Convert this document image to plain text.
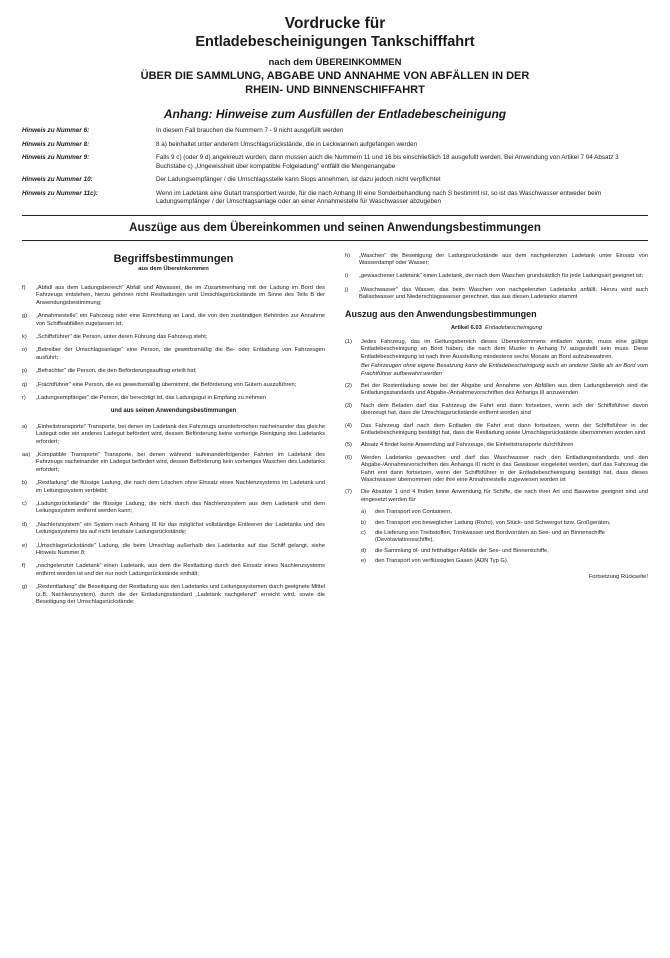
Vordrucke für
Entladebescheinigungen Tankschifffahrt
nach dem ÜBEREINKOMMEN
ÜBER DIE SAMMLUNG, ABGABE UND ANNAHME VON ABFÄLLEN IN DER
RHEIN- UND BINNENSCHIFFAHRT
Anhang: Hinweise zum Ausfüllen der Entladebescheinigung
Hinweis zu Nummer 6:	In diesem Fall brauchen die Nummern 7 - 9 nicht ausgefüllt werden
Hinweis zu Nummer 8:	8 a) beinhaltet unter anderem Umschlagsrückstände, die in Leckwannen aufgefangen werden
Hinweis zu Nummer 9:	Falls 9 c) (oder 9 d) angekreuzt wurden, dann mussen auch die Nummern 11 und 16 bis einschließlich 18 ausgefullt werden. Bei Anwendung von Artikel 7 04 Absatz 3 Buchstabe c) „Ungewissheit über kompatible Folgeladung" entfällt die Mengenangabe
Hinweis zu Nummer 10:	Der Ladungsempfänger / die Umschlagsstelle kann Slops annehmen, ist dazu jedoch nicht verpflichtet
Hinweis zu Nummer 11c):	Wenn im Ladetank eine Gutart transportiert wurde, für die nach Anhang III eine Sonderbehandlung nach S bestimmt ist, so ist das Waschwasser entweder beim Ladungsempfänger / der Umschlagsanlage oder an einer Annahmestelle für Waschwasser abzugeben
Auszüge aus dem Übereinkommen und seinen Anwendungsbestimmungen
Begriffsbestimmungen
aus dem Übereinkommen
f)	„Abfall aus dem Ladungsbereich" Abfall und Abwasser, die im Zusammenhang mit der Ladung im Bord des Fahrzeugs entstehen, hierzu gehören nicht Restladungen und Umschlagsrückstände im Sinne des Teils B der Anwendungsbestimmung;
g)	„Annahmestelle" ein Fahrzeug oder eine Einrichtung an Land, die von den zuständigen Behörden zur Annahme von Schiffsabfällen zugelassen ist;
k)	„Schiffsführer" die Person, unter deren Führung das Fahrzeug steht;
o)	„Betreiber der Umschlagsanlage" eine Person, die gewerbsmäßig die Be- oder Entladung von Fahrzeugen ausführt;
p)	„Befrachter" die Person, die den Beförderungsauftrag erteilt hat;
q)	„Frachtführer" eine Person, die es gewerbsmäßig übernimmt, die Beförderung von Gütern auszuführen;
r)	„Ladungsempfänger" die Person, die berechtigt ist, das Ladungsgut in Empfang zu nehmen
und aus seinen Anwendungsbestimmungen
a)	„Einheitstransporte" Transporte, bei denen im Ladetank des Fahrzeugs ununterbrochen nacheinander das gleiche Ladegut oder ein anderes Ladegut befördert wird, dessen Beförderung keine vorherige Reinigung des Ladetanks erfordert;
aa)	„Kompatible Transporte" Transporte, bei denen während aufeinanderfolgender Fahrten im Ladetank des Fahrzeugs nacheinander ein Ladegut befördert wird, dessen Beförderung kein vorheriges Waschen des Ladetanks erfordert;
b)	„Restladung" die flüssige Ladung, die nach dem Löschen ohne Einsatz eines Nachlenzsystems im Ladetank und im Leitungssystem verbleibt;
c)	„Ladungsrückstände" die flüssige Ladung, die nicht durch das Nachlenzsystem aus dem Ladetank und dem Leitungssystem entfernt werden kann;
d)	„Nachlenzsystem" ein System nach Anhang III für das möglichst vollständige Entleeren der Ladetanks und des Leitungssystems bis auf nicht lenzbare Ladungsrückstände;
e)	„Umschlagsrückstände" Ladung, die beim Umschlag außerhalb des Ladetanks auf das Schiff gelangt, siehe Hinweis Nummer 8;
f)	„nachgelenzter Ladetank" einen Ladetank, aus dem die Restladung durch den Einsatz eines Nachlenzsystems entfernt worden ist und der nur noch Ladungsrückstände enthält;
g)	„Restentladung" die Beseitigung der Restladung aus den Ladetanks und Leitungssystemen durch geeignete Mittel (z.B. Nachlenzsystem), durch die der Entladungsstandard „Ladetank nachgelenzt" erreicht wird, sowie die Beseitigung der Umschlagsrückstände;
h)	„Waschen" die Beseitigung der Ladungsrückstände aus dem nachgelenzten Ladetank unter Einsatz von Wasserdampf oder Wasser;
i)	„gewaschener Ladetank" einen Ladetank, der nach dem Waschen grundsätzlich für jede Ladungsart geeignet ist;
j)	„Waschwasser" das Wasser, das beim Waschen von nachgelenzten Ladetanks anfällt. Hierzu wird auch Ballastwasser und Niederschlagswasser gerechnet, das aus diesen Ladetanks stammt
Auszug aus den Anwendungsbestimmungen
Artikel 6.03 Entladebescheinigung
(1)	Jedes Fahrzeug, das im Geltungsbereich dieses Übereinkommens entladen wurde, muss eine gültige Entladebescheinigung an Bord haben, die nach dem Muster in Anhang IV ausgestellt sein muss. Diese Entladebescheinigung ist nach ihrer Ausstellung mindestens sechs Monate an Bord aufzubewahren.
Bei Fahrzeugen ohne eigene Besatzung kann die Entladebescheinigung auch an anderer Stelle als an Bord vom Frachtführer aufbewahrt werden
(2)	Bei der Restentladung sowie bei der Abgabe und Annahme von Abfällen aus dem Ladungsbereich sind die Entladungsstandards und Abgabe-/Annahmevorschriften des Anhangs III anzuwenden
(3)	Nach dem Beladen darf das Fahrzeug die Fahrt erst dann fortsetzen, wenn sich der Schiffsführer davon überzeugt hat, dass die Umschlagsrückstände entfernt worden sind
(4)	Das Fahrzeug darf nach dem Entladen die Fahrt erst dann fortsetzen, wenn der Schiffsführer in der Entladebescheinigung bestätigt hat, dass die Restladung sowie Umschlagsrückstände übernommen worden sind
(5)	Absatz 4 findet keine Anwendung auf Fahrzeuge, die Einheitstransporte durchführen
(6)	Werden Ladetanks gewaschen und darf das Waschwasser nach den Entladungsstandards und den Abgabe-/Annahmevorschriften des Anhangs III nicht in das Gewässer eingeleitet werden, darf das Fahrzeug die Fahrt erst dann fortsetzen, wenn der Schiffsführer in der Entladebescheinigung bestätigt hat, dass dieses Waschwasser übernommen oder ihre eine Annahmestelle zugewiesen worden ist
(7)	Die Absätze 1 und 4 finden keine Anwendung für Schiffe, die nach ihrer Art und Bauweise geeignet sind und eingesetzt werden für
a)	den Transport von Containern,
b)	den Transport von beweglicher Ladung (Ro/ro), von Stück- und Schwergut bzw. Großgeräten,
c)	die Lieferung von Treibstoffen, Trinkwasser und Bordvorräten an See- und an Binnenschiffe (Devotaviationsschiffe),
d)	die Sammlung öl- und fetthaltiger Abfälle der See- und Binnenschiffe,
e)	den Transport von verflüssigten Gasen (ADN Typ G).
Fortsetzung Rückseite!
